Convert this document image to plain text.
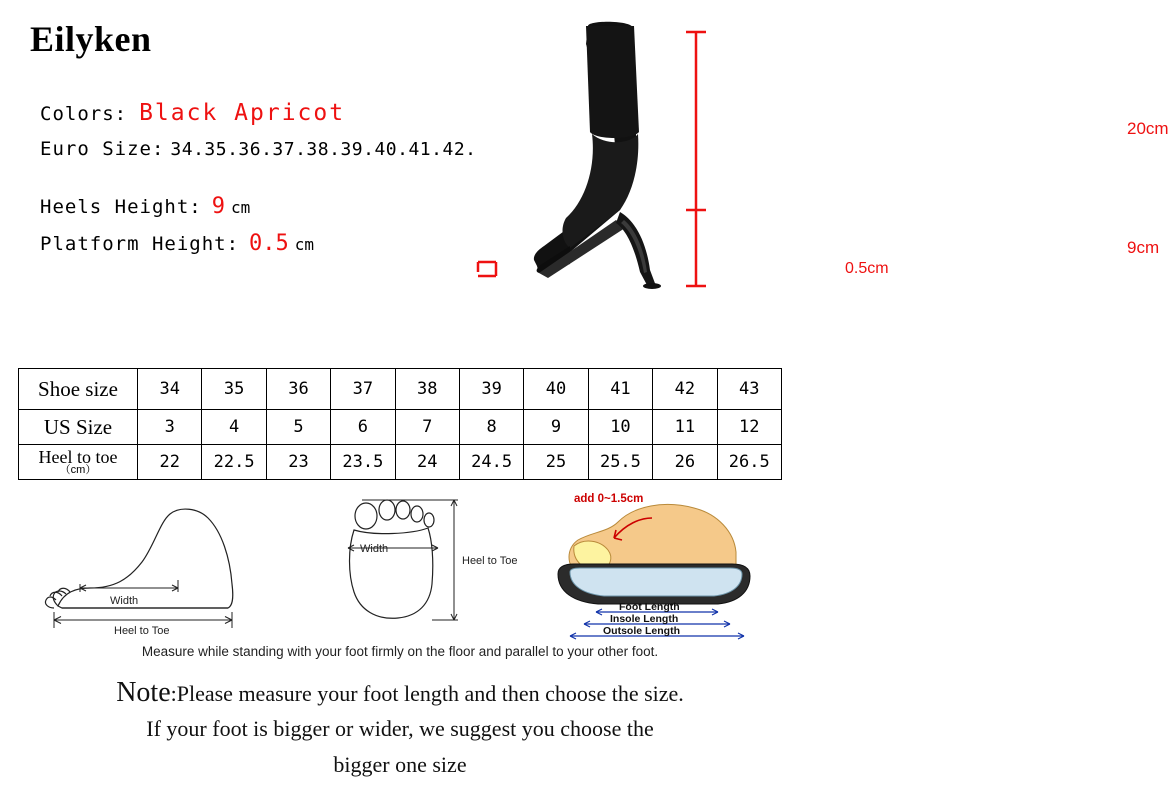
Eilyken
Colors: Black Apricot
Euro Size: 34.35.36.37.38.39.40.41.42.
Heels Height: 9 cm
Platform Height: 0.5 cm
20cm
9cm
0.5cm
Shoe size	34	35	36	37	38	39	40	41	42	43
US Size	3	4	5	6	7	8	9	10	11	12

Heel to toe
（cm）	22	22.5	23	23.5	24	24.5	25	25.5	26	26.5
Width
Heel to Toe
Width
Heel to Toe
add 0~1.5cm
Foot Length
Insole Length
Outsole Length
Measure while standing with your foot firmly on the floor and parallel to your other foot.
Note:Please measure your foot length and then choose the size.
If your foot is bigger or wider, we suggest you choose the
bigger one size
